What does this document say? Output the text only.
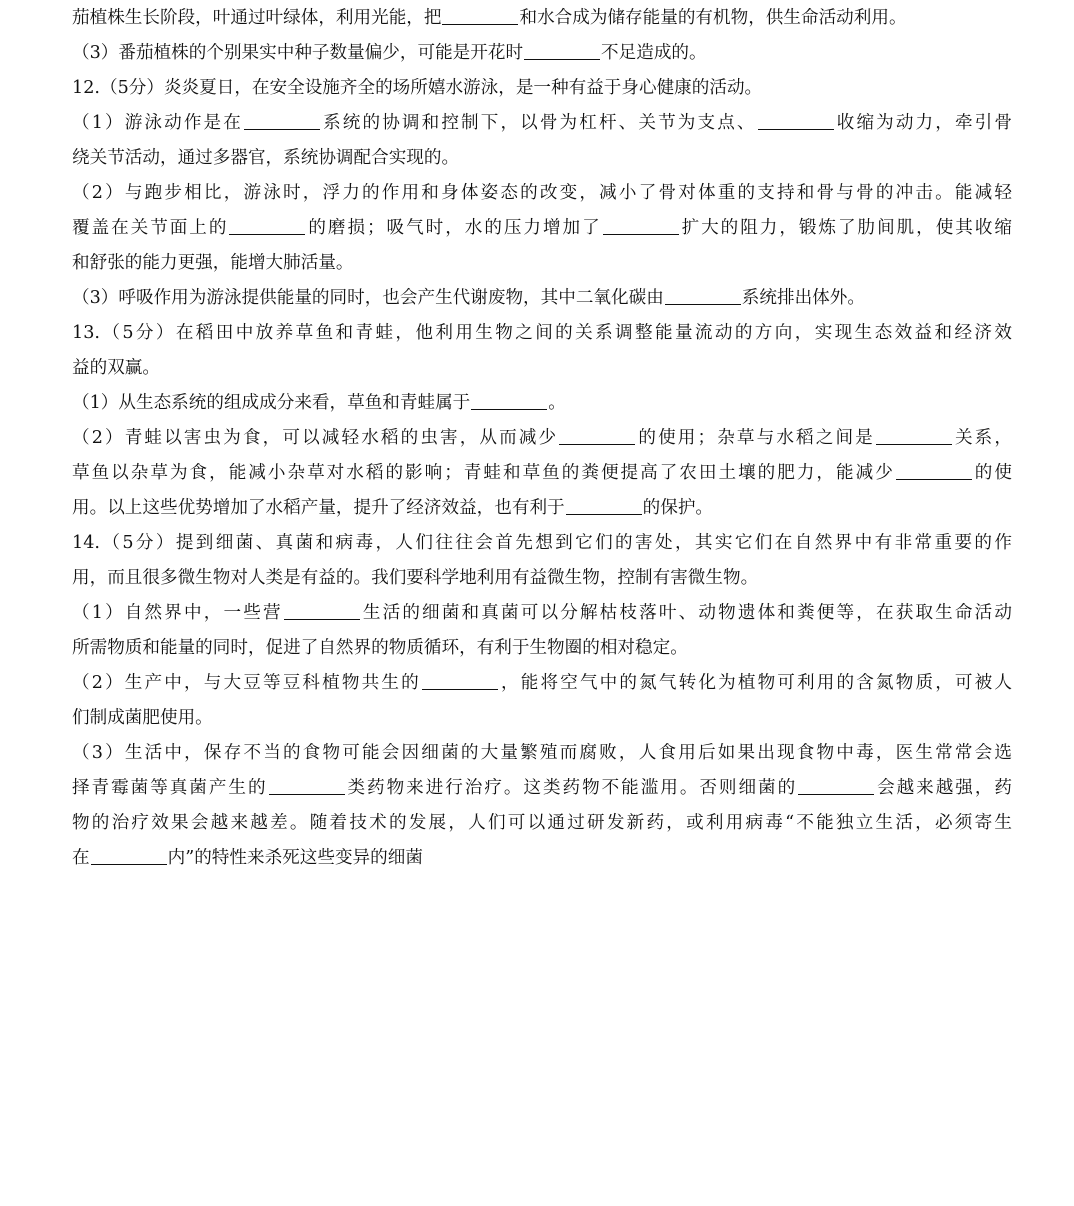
茄植株生长阶段，叶通过叶绿体，利用光能，把	和水合成为储存能量的有机物，供生命活动利用。
（3）番茄植株的个别果实中种子数量偏少，可能是开花时	不足造成的。
12.（5分）炎炎夏日，在安全设施齐全的场所嬉水游泳，是一种有益于身心健康的活动。
（1）游泳动作是在	系统的协调和控制下，以骨为杠杆、关节为支点、	收缩为动力，牵引骨
绕关节活动，通过多器官，系统协调配合实现的。
（2）与跑步相比，游泳时，浮力的作用和身体姿态的改变，减小了骨对体重的支持和骨与骨的冲击。能减轻
覆盖在关节面上的	的磨损；吸气时，水的压力增加了	扩大的阻力，锻炼了肋间肌，使其收缩
和舒张的能力更强，能增大肺活量。
（3）呼吸作用为游泳提供能量的同时，也会产生代谢废物，其中二氧化碳由	系统排出体外。
13.（5分）在稻田中放养草鱼和青蛙，他利用生物之间的关系调整能量流动的方向，实现生态效益和经济效
益的双赢。
（1）从生态系统的组成成分来看，草鱼和青蛙属于	。
（2）青蛙以害虫为食，可以减轻水稻的虫害，从而减少	的使用；杂草与水稻之间是	关系，
草鱼以杂草为食，能减小杂草对水稻的影响；青蛙和草鱼的粪便提高了农田土壤的肥力，能减少	的使
用。以上这些优势增加了水稻产量，提升了经济效益，也有利于	的保护。
14.（5分）提到细菌、真菌和病毒，人们往往会首先想到它们的害处，其实它们在自然界中有非常重要的作
用，而且很多微生物对人类是有益的。我们要科学地利用有益微生物，控制有害微生物。
（1）自然界中，一些营	生活的细菌和真菌可以分解枯枝落叶、动物遗体和粪便等，在获取生命活动
所需物质和能量的同时，促进了自然界的物质循环，有利于生物圈的相对稳定。
（2）生产中，与大豆等豆科植物共生的	，能将空气中的氮气转化为植物可利用的含氮物质，可被人
们制成菌肥使用。
（3）生活中，保存不当的食物可能会因细菌的大量繁殖而腐败，人食用后如果出现食物中毒，医生常常会选
择青霉菌等真菌产生的	类药物来进行治疗。这类药物不能滥用。否则细菌的	会越来越强，药
物的治疗效果会越来越差。随着技术的发展，人们可以通过研发新药，或利用病毒“不能独立生活，必须寄生
在	内”的特性来杀死这些变异的细菌
